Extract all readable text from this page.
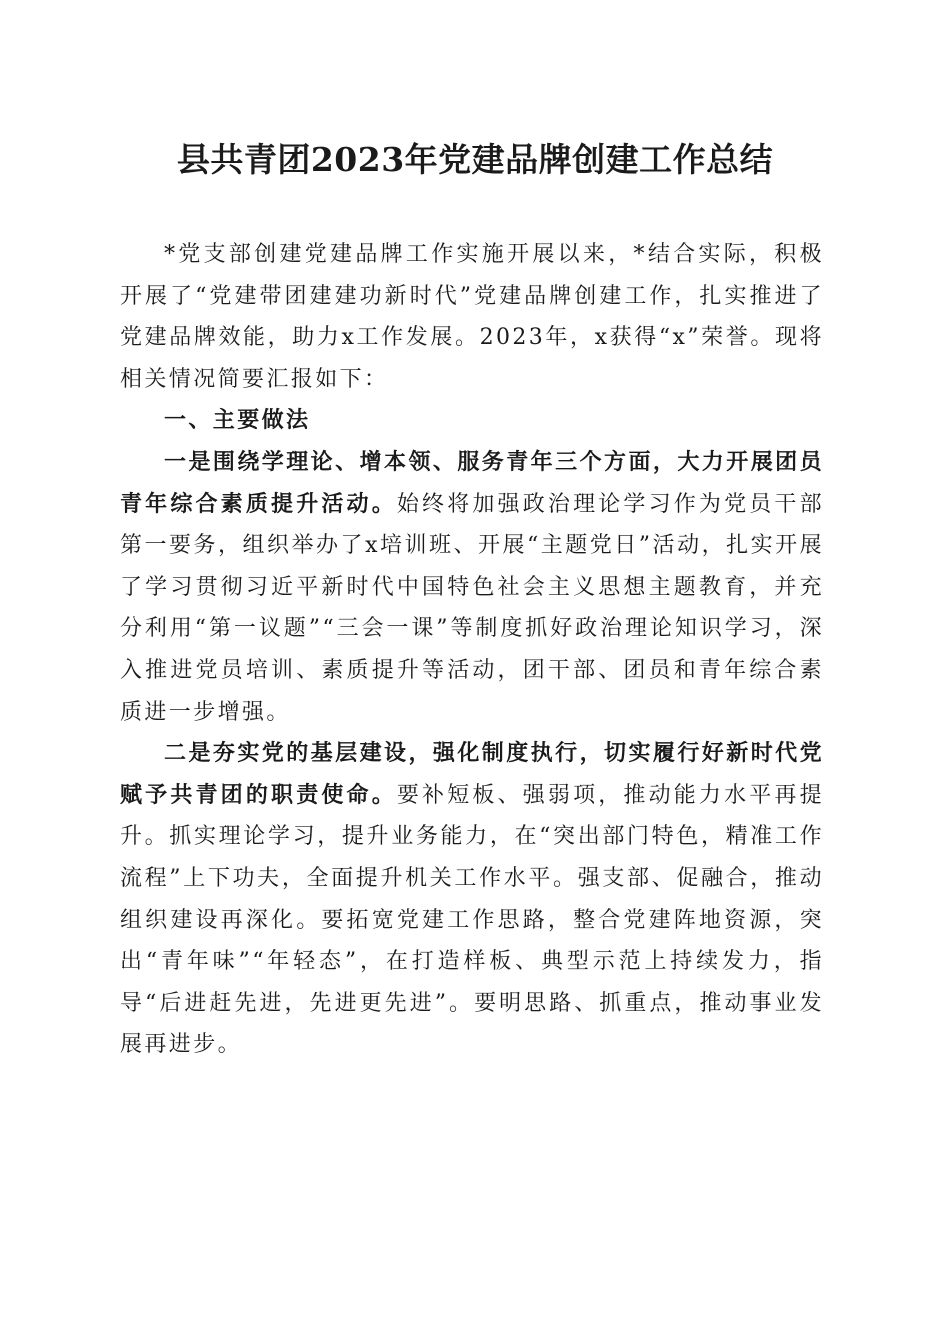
县共青团2023年党建品牌创建工作总结

*党支部创建党建品牌工作实施开展以来，*结合实际，积极开展了“党建带团建建功新时代”党建品牌创建工作，扎实推进了党建品牌效能，助力x工作发展。2023年，x获得“x”荣誉。现将相关情况简要汇报如下：

一、主要做法

一是围绕学理论、增本领、服务青年三个方面，大力开展团员青年综合素质提升活动。始终将加强政治理论学习作为党员干部第一要务，组织举办了x培训班、开展“主题党日”活动，扎实开展了学习贯彻习近平新时代中国特色社会主义思想主题教育，并充分利用“第一议题”“三会一课”等制度抓好政治理论知识学习，深入推进党员培训、素质提升等活动，团干部、团员和青年综合素质进一步增强。

二是夯实党的基层建设，强化制度执行，切实履行好新时代党赋予共青团的职责使命。要补短板、强弱项，推动能力水平再提升。抓实理论学习，提升业务能力，在“突出部门特色，精准工作流程”上下功夫，全面提升机关工作水平。强支部、促融合，推动组织建设再深化。要拓宽党建工作思路，整合党建阵地资源，突出“青年味”“年轻态”，在打造样板、典型示范上持续发力，指导“后进赶先进，先进更先进”。要明思路、抓重点，推动事业发展再进步。
